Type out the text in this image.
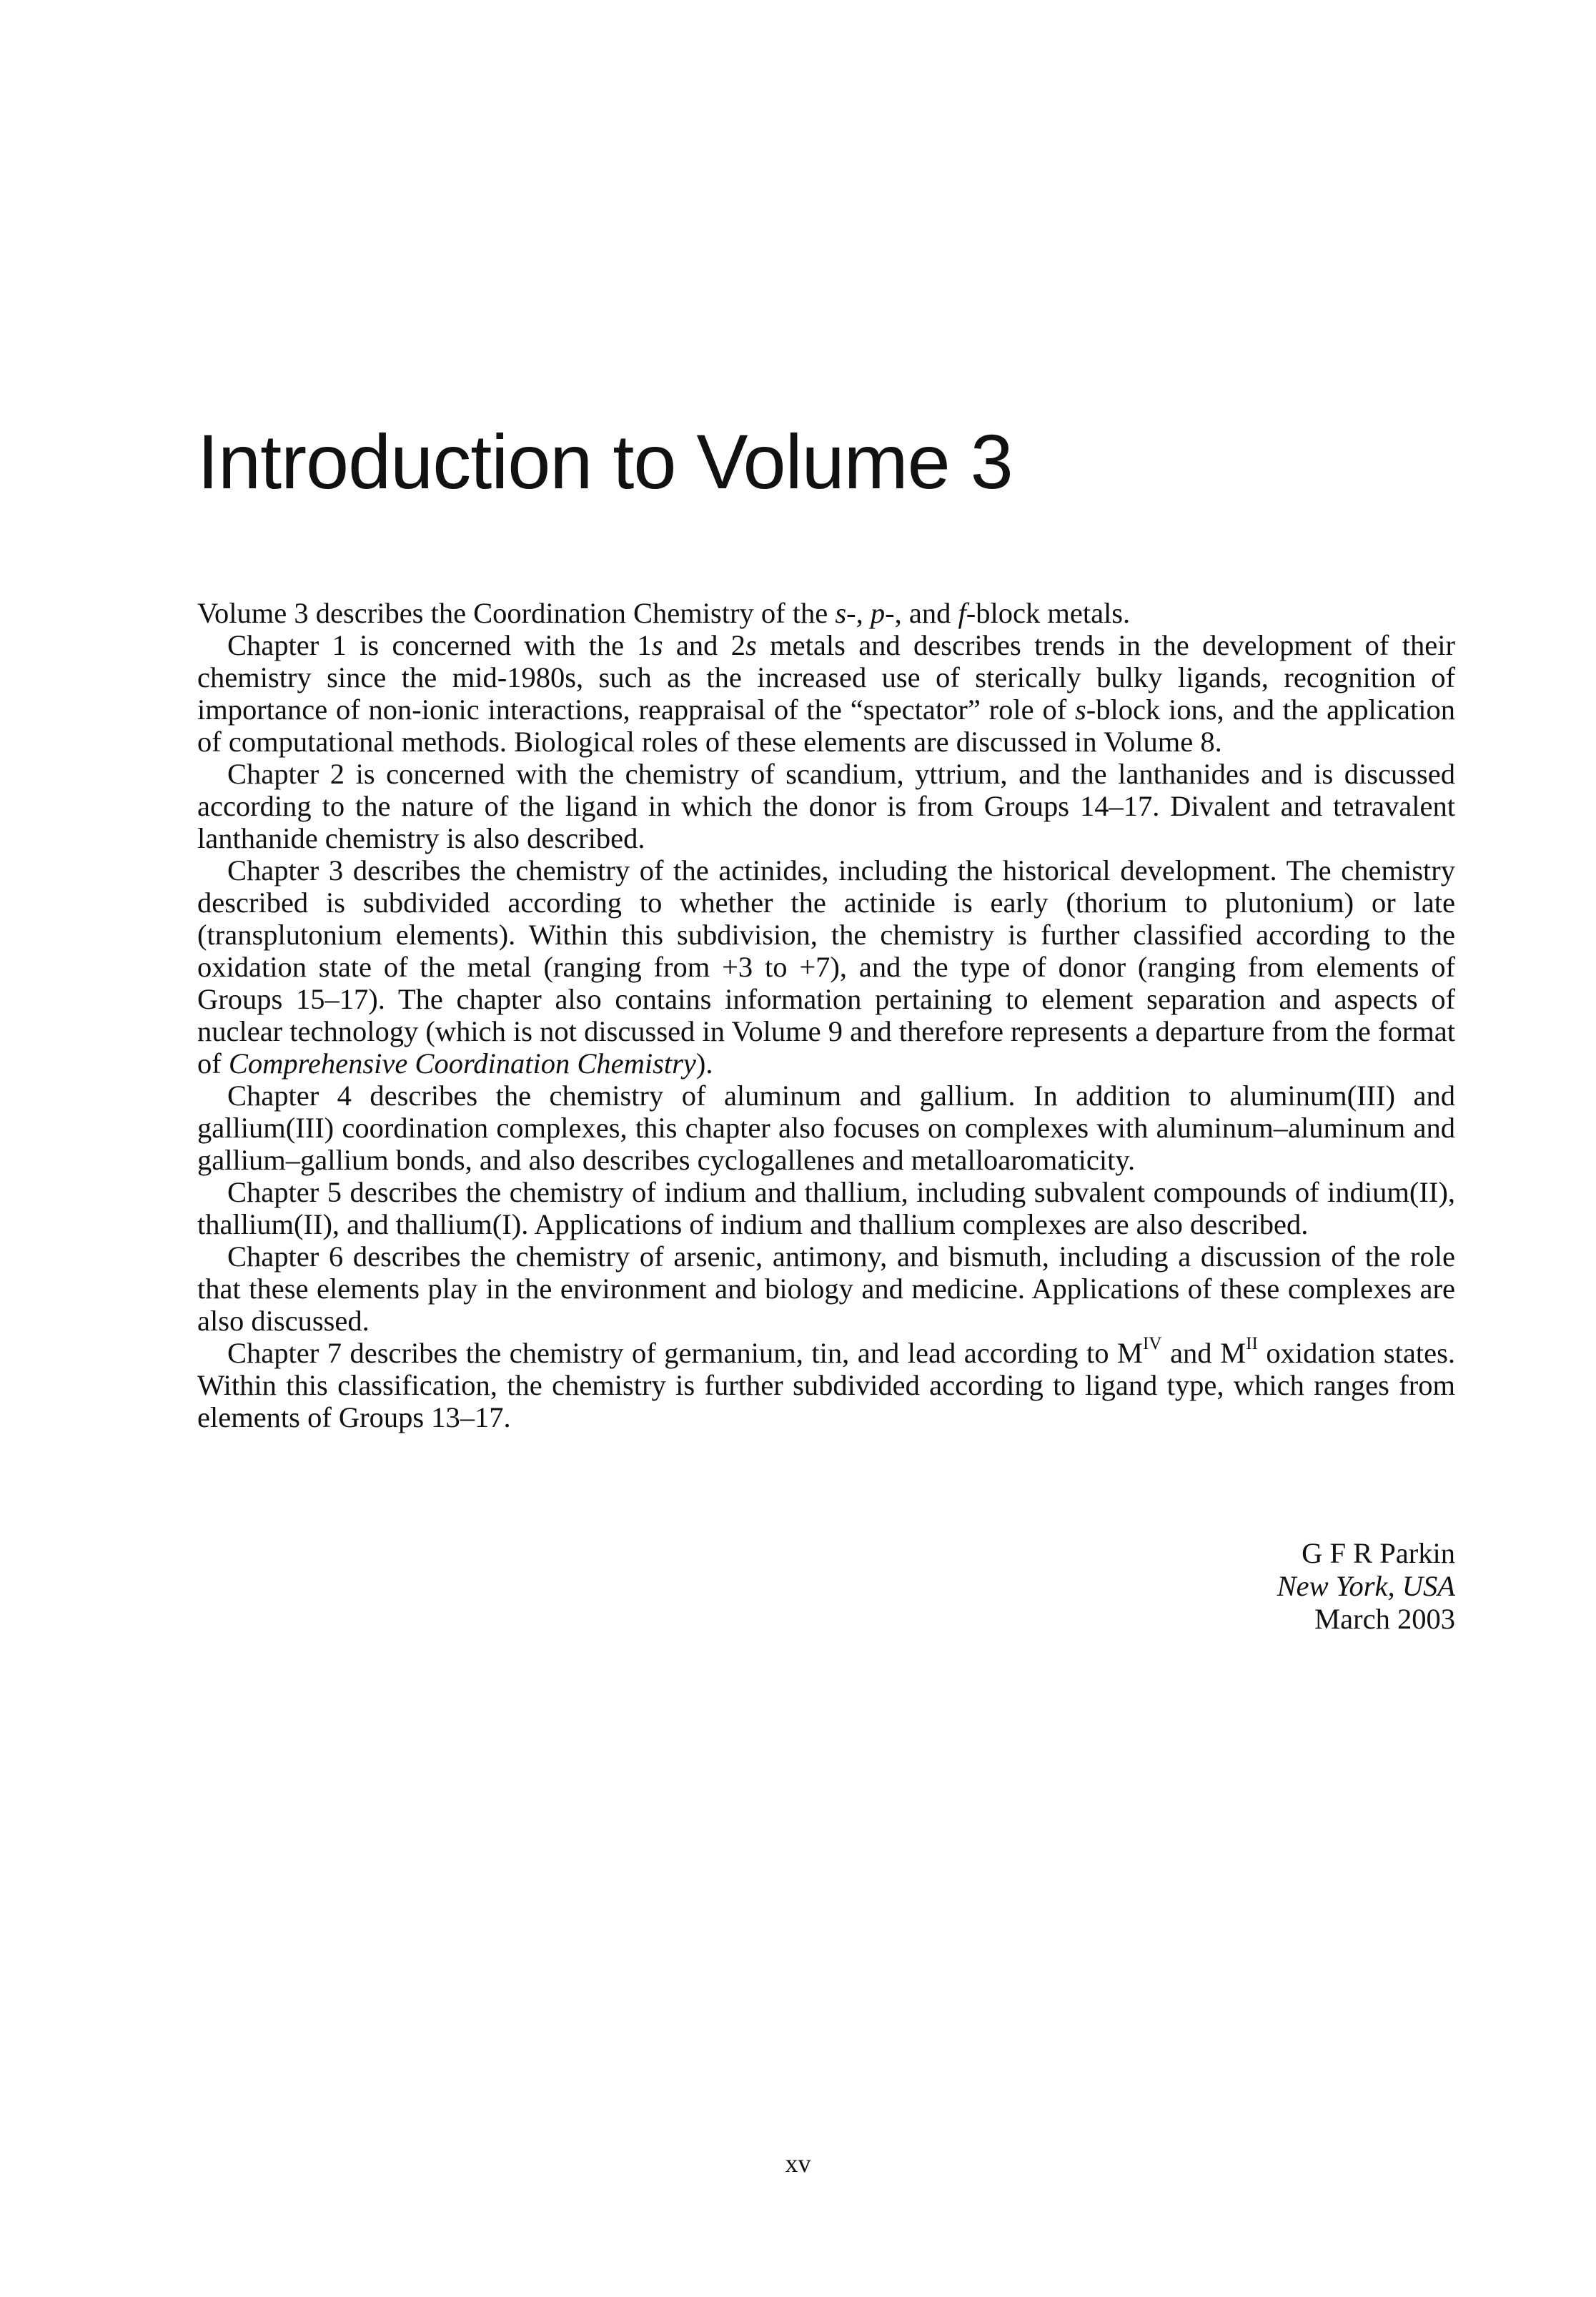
Introduction to Volume 3

Volume 3 describes the Coordination Chemistry of the s-, p-, and f-block metals.

Chapter 1 is concerned with the 1s and 2s metals and describes trends in the development of their chemistry since the mid-1980s, such as the increased use of sterically bulky ligands, recognition of importance of non-ionic interactions, reappraisal of the “spectator” role of s-block ions, and the application of computational methods. Biological roles of these elements are discussed in Volume 8.

Chapter 2 is concerned with the chemistry of scandium, yttrium, and the lanthanides and is discussed according to the nature of the ligand in which the donor is from Groups 14–17. Divalent and tetravalent lanthanide chemistry is also described.

Chapter 3 describes the chemistry of the actinides, including the historical development. The chemistry described is subdivided according to whether the actinide is early (thorium to plutonium) or late (transplutonium elements). Within this subdivision, the chemistry is further classified according to the oxidation state of the metal (ranging from +3 to +7), and the type of donor (ranging from elements of Groups 15–17). The chapter also contains information pertaining to element separation and aspects of nuclear technology (which is not discussed in Volume 9 and therefore represents a departure from the format of Comprehensive Coordination Chemistry).

Chapter 4 describes the chemistry of aluminum and gallium. In addition to aluminum(III) and gallium(III) coordination complexes, this chapter also focuses on complexes with aluminum–aluminum and gallium–gallium bonds, and also describes cyclogallenes and metalloaromaticity.

Chapter 5 describes the chemistry of indium and thallium, including subvalent compounds of indium(II), thallium(II), and thallium(I). Applications of indium and thallium complexes are also described.

Chapter 6 describes the chemistry of arsenic, antimony, and bismuth, including a discussion of the role that these elements play in the environment and biology and medicine. Applications of these complexes are also discussed.

Chapter 7 describes the chemistry of germanium, tin, and lead according to $M^{IV}$ and $M^{II}$ oxidation states. Within this classification, the chemistry is further subdivided according to ligand type, which ranges from elements of Groups 13–17.

G F R Parkin
New York, USA
March 2003
xv
